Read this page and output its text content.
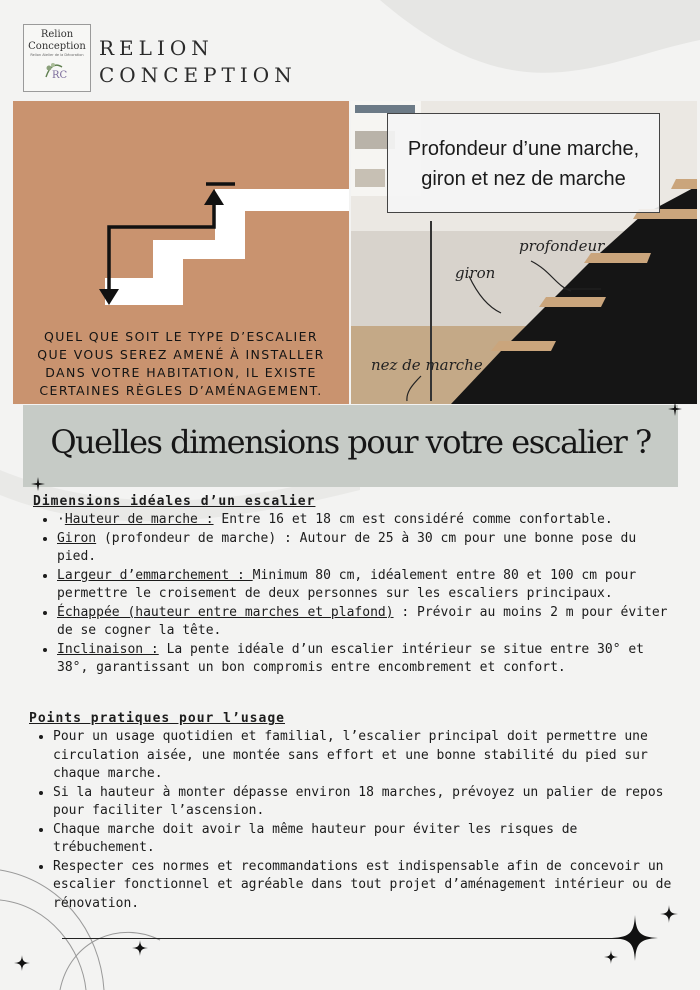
Relion
Conception
Relion Atelier de la Décoration
RC
RELION
CONCEPTION
QUEL QUE SOIT LE TYPE D’ESCALIER
QUE VOUS SEREZ AMENÉ À INSTALLER
DANS VOTRE HABITATION, IL EXISTE
CERTAINES RÈGLES D’AMÉNAGEMENT.
Profondeur d’une marche,
giron et nez de marche
profondeur
giron
nez de marche
Quelles dimensions pour votre escalier ?
Dimensions idéales d’un escalier
• ·Hauteur de marche : Entre 16 et 18 cm est considéré comme confortable.
• Giron (profondeur de marche) : Autour de 25 à 30 cm pour une bonne pose du pied.
• Largeur d’emmarchement : Minimum 80 cm, idéalement entre 80 et 100 cm pour permettre le croisement de deux personnes sur les escaliers principaux.
• Échappée (hauteur entre marches et plafond) : Prévoir au moins 2 m pour éviter de se cogner la tête.
• Inclinaison : La pente idéale d’un escalier intérieur se situe entre 30° et 38°, garantissant un bon compromis entre encombrement et confort.
Points pratiques pour l’usage
• Pour un usage quotidien et familial, l’escalier principal doit permettre une circulation aisée, une montée sans effort et une bonne stabilité du pied sur chaque marche.
• Si la hauteur à monter dépasse environ 18 marches, prévoyez un palier de repos pour faciliter l’ascension.
• Chaque marche doit avoir la même hauteur pour éviter les risques de trébuchement.
• Respecter ces normes et recommandations est indispensable afin de concevoir un escalier fonctionnel et agréable dans tout projet d’aménagement intérieur ou de rénovation.
